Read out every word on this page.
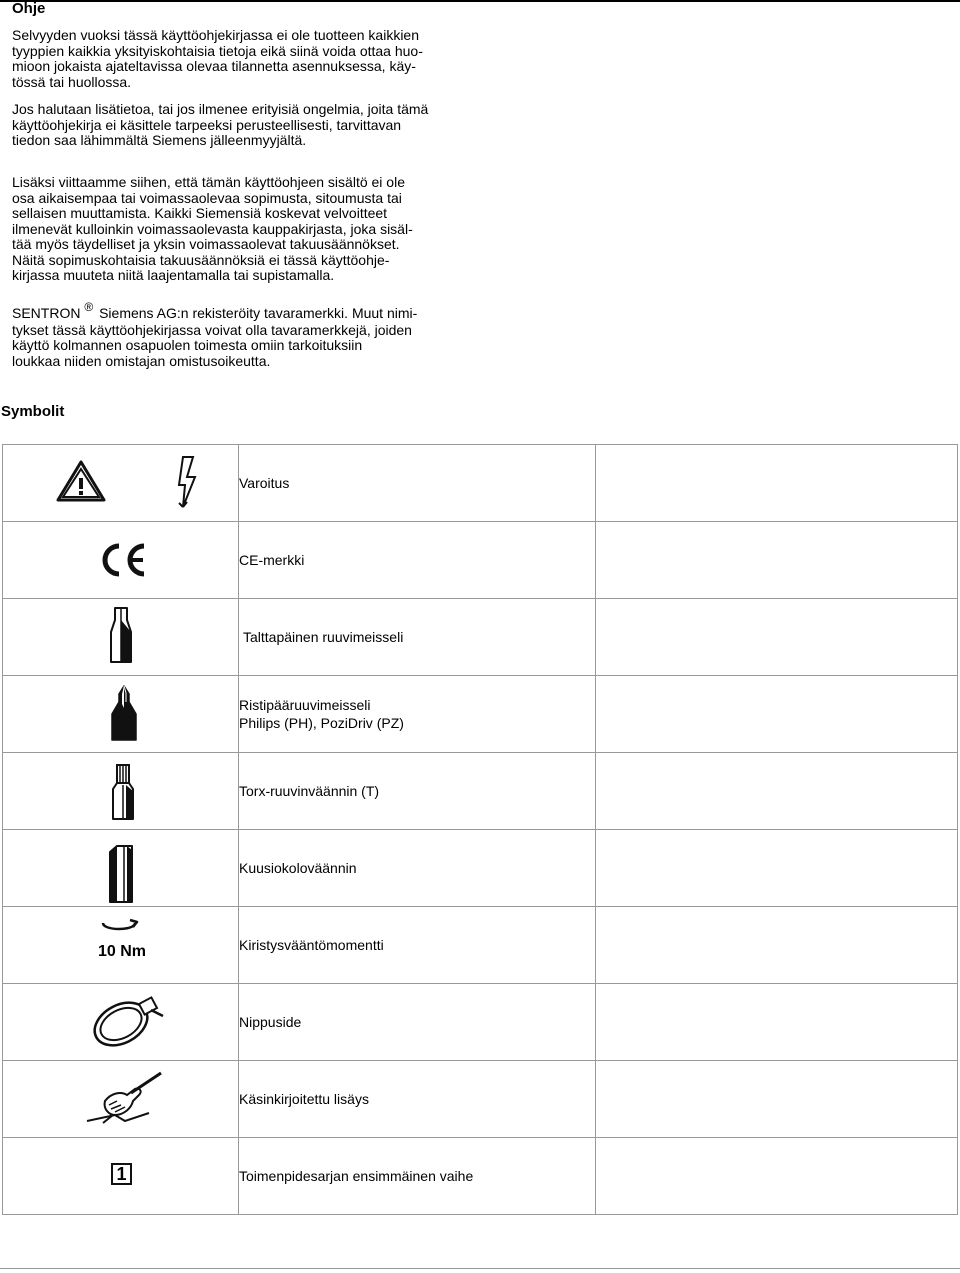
Ohje
Selvyyden vuoksi tässä käyttöohjekirjassa ei ole tuotteen kaikkien
tyyppien kaikkia yksityiskohtaisia tietoja eikä siinä voida ottaa huo-
mioon jokaista ajateltavissa olevaa tilannetta asennuksessa, käy-
tössä tai huollossa.
Jos halutaan lisätietoa, tai jos ilmenee erityisiä ongelmia, joita tämä
käyttöohjekirja ei käsittele tarpeeksi perusteellisesti, tarvittavan
tiedon saa lähimmältä Siemens jälleenmyyjältä.
Lisäksi viittaamme siihen, että tämän käyttöohjeen sisältö ei ole
osa aikaisempaa tai voimassaolevaa sopimusta, sitoumusta tai
sellaisen muuttamista. Kaikki Siemensiä koskevat velvoitteet
ilmenevät kulloinkin voimassaolevasta kauppakirjasta, joka sisäl-
tää myös täydelliset ja yksin voimassaolevat takuusäännökset.
Näitä sopimuskohtaisia takuusäännöksiä ei tässä käyttöohje-
kirjassa muuteta niitä laajentamalla tai supistamalla.
SENTRON ® Siemens AG:n rekisteröity tavaramerkki. Muut nimi-
tykset tässä käyttöohjekirjassa voivat olla tavaramerkkejä, joiden
käyttö kolmannen osapuolen toimesta omiin tarkoituksiin
loukkaa niiden omistajan omistusoikeutta.
Symbolit

Varoitus	

CE-merkki	

Talttapäinen ruuvimeisseli	

Ristipääruuvimeisseli
Philips (PH), PoziDriv (PZ)	

Torx-ruuvinväännin (T)	

Kuusiokoloväännin	

10 Nm	Kiristysvääntömomentti	

Nippuside	

Käsinkirjoitettu lisäys	

1	Toimenpidesarjan ensimmäinen vaihe	
